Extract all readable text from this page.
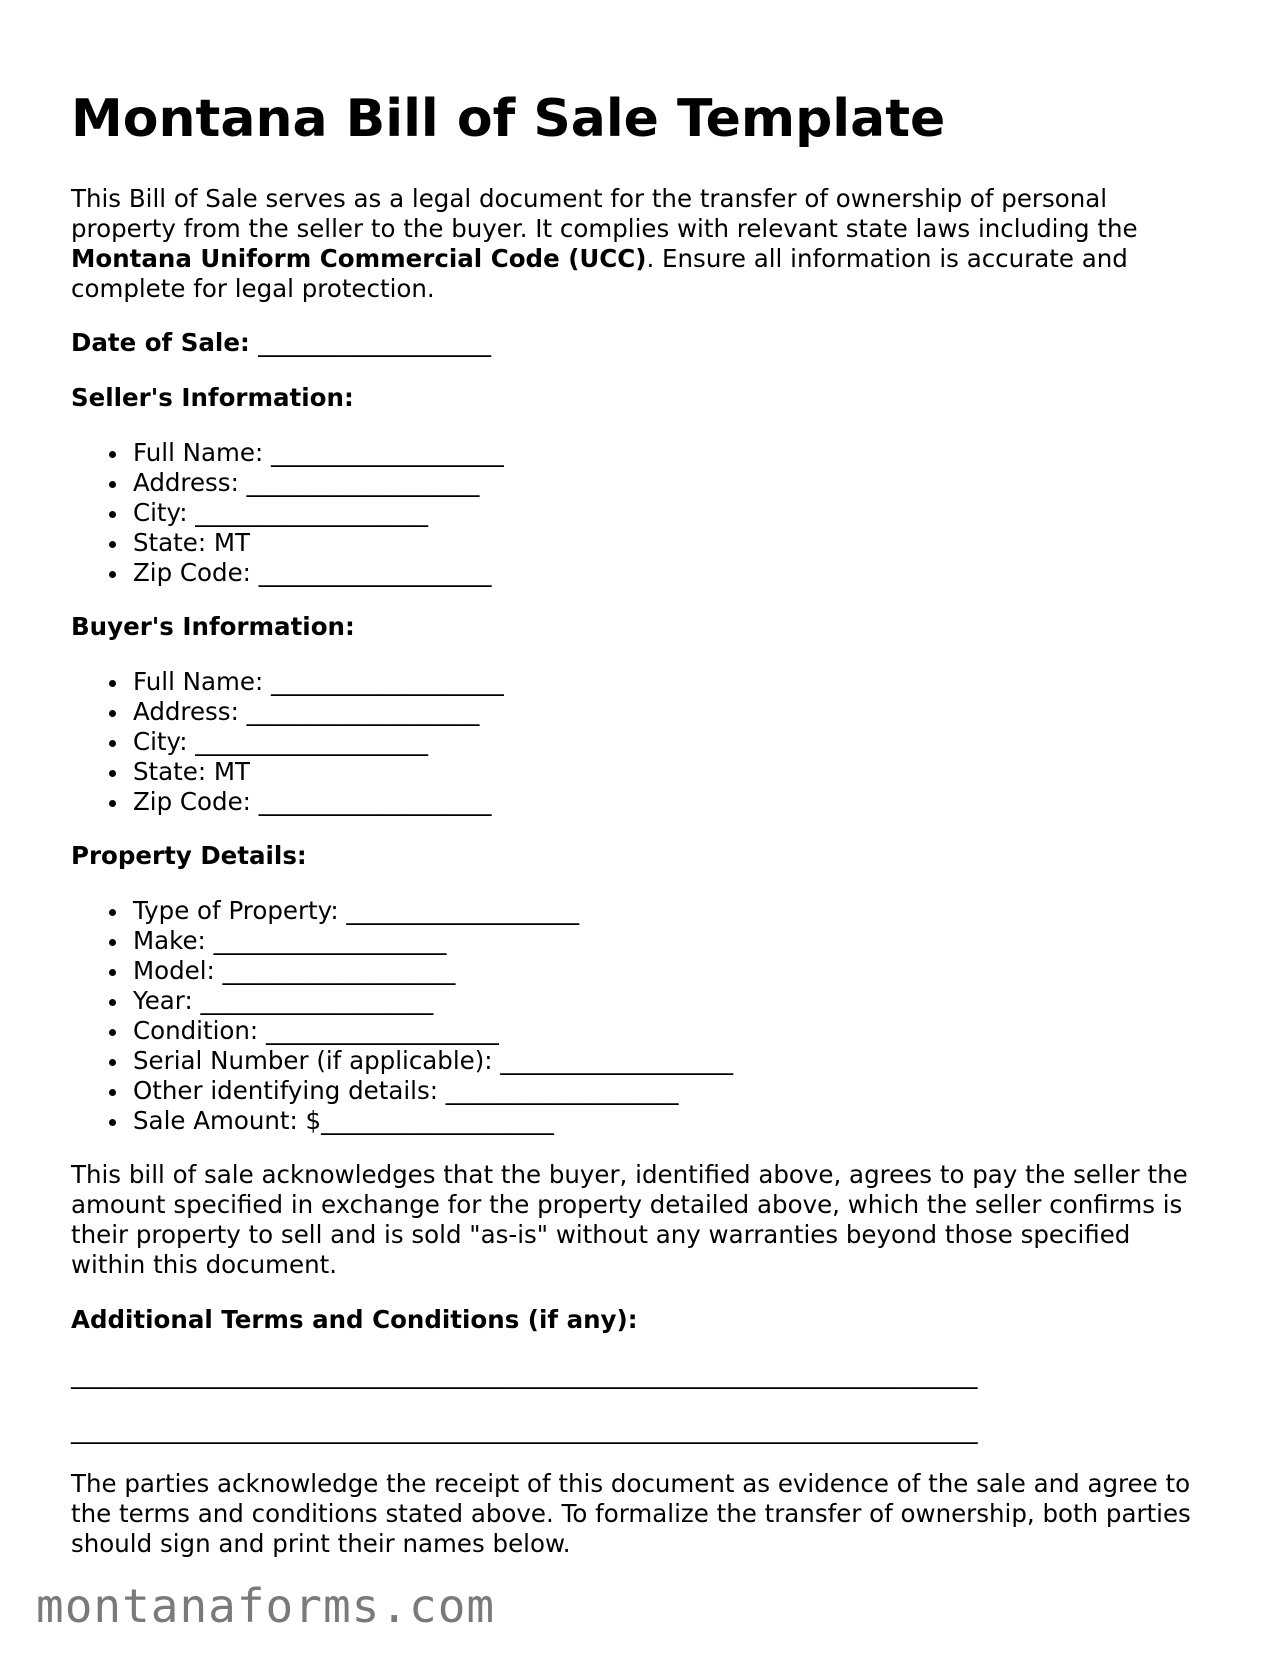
Montana Bill of Sale Template

This Bill of Sale serves as a legal document for the transfer of ownership of personal property from the seller to the buyer. It complies with relevant state laws including the Montana Uniform Commercial Code (UCC). Ensure all information is accurate and complete for legal protection.

Date of Sale: ___________________

Seller's Information:

Full Name: ___________________
Address: ___________________
City: ___________________
State: MT
Zip Code: ___________________

Buyer's Information:

Full Name: ___________________
Address: ___________________
City: ___________________
State: MT
Zip Code: ___________________

Property Details:

Type of Property: ___________________
Make: ___________________
Model: ___________________
Year: ___________________
Condition: ___________________
Serial Number (if applicable): ___________________
Other identifying details: ___________________
Sale Amount: $___________________

This bill of sale acknowledges that the buyer, identified above, agrees to pay the seller the amount specified in exchange for the property detailed above, which the seller confirms is their property to sell and is sold "as-is" without any warranties beyond those specified within this document.

Additional Terms and Conditions (if any):

__________________________________________________________________________
__________________________________________________________________________

The parties acknowledge the receipt of this document as evidence of the sale and agree to the terms and conditions stated above. To formalize the transfer of ownership, both parties should sign and print their names below.

montanaforms.com
